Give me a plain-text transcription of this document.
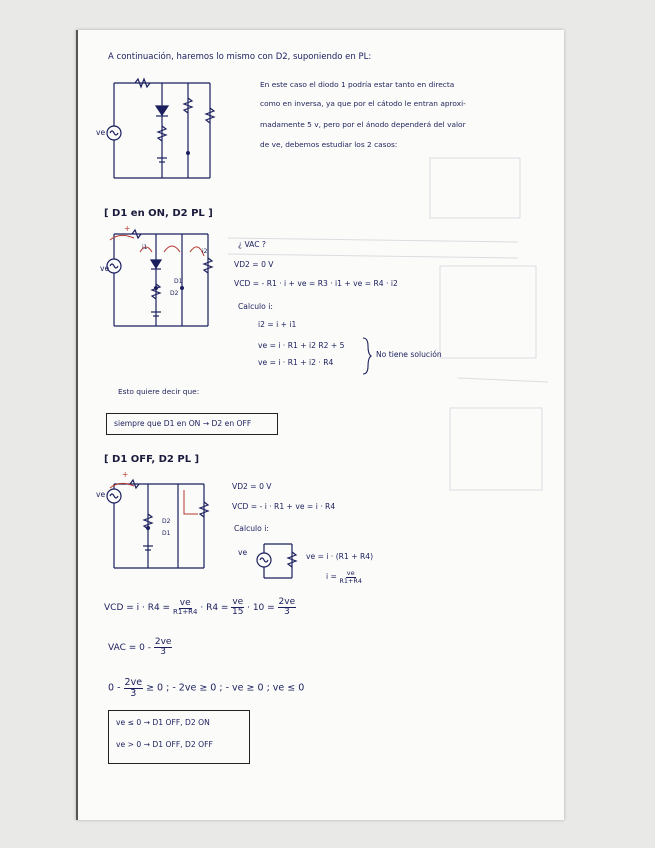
A continuación, haremos lo mismo con D2, suponiendo en PL:
ve
En este caso el diodo 1 podría estar tanto en directa
como en inversa, ya que por el cátodo le entran aproxi-
madamente 5 v, pero por el ánodo dependerá del valor
de ve, debemos estudiar los 2 casos:
[ D1 en ON, D2 PL ]
ve
+
i1
i2
D1
D2
¿ VAC ?
VD2 = 0 V
VCD = - R1 · i + ve = R3 · i1 + ve = R4 · i2
Calculo i:
i2 = i + i1
ve = i · R1 + i2 R2 + 5
ve = i · R1 + i2 · R4
No tiene solución
Esto quiere decir que:
siempre que D1 en ON → D2 en OFF
[ D1 OFF, D2 PL ]
ve
+
D2
D1
VD2 = 0 V
VCD = - i · R1 + ve = i · R4
Calculo i:
ve	ve = i · (R1 + R4)
$i = \frac{ve}{R1+R4}$
VCD = $i \cdot R4 = \frac{ve}{R1+R4} \cdot R4 = \frac{ve}{15} \cdot 10 = \frac{2ve}{3}$
VAC = $0 - \frac{2ve}{3}$
$0 - \frac{2ve}{3} \ge 0$ ; - 2ve ≥ 0 ; - ve ≥ 0 ; ve ≤ 0
ve ≤ 0 → D1 OFF, D2 ON
ve > 0 → D1 OFF, D2 OFF
